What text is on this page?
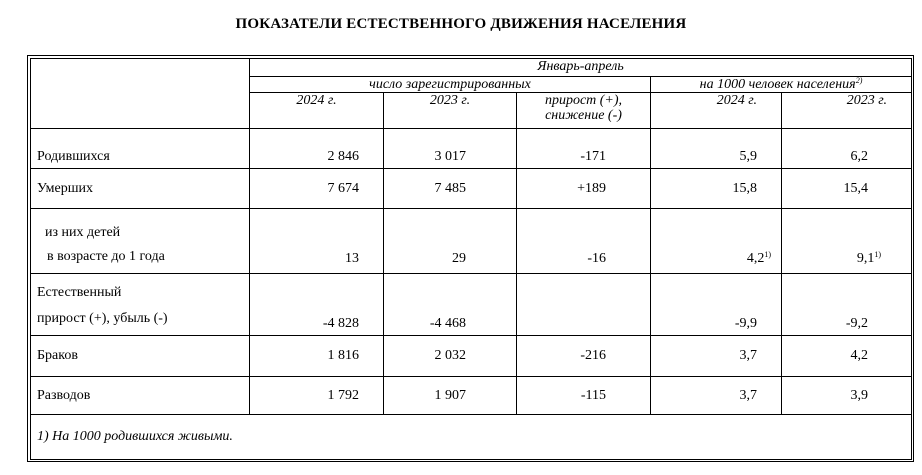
ПОКАЗАТЕЛИ ЕСТЕСТВЕННОГО ДВИЖЕНИЯ НАСЕЛЕНИЯ
	Январь-апрель				
	число зарегистрированных			на 1000 человек населения$^{2)}$
	2024 г.	2023 г.	прирост (+),
снижение (-)	2024 г.	2023 г.
Родившихся	2 846	3 017	-171	5,9	6,2
Умерших	7 674	7 485	+189	15,8	15,4

из них детей
в возрасте до 1 года	13	29	-16	4,2$^{1)}$	9,1$^{1)}$

Естественный
прирост (+), убыль (-)	-4 828	-4 468		-9,9	-9,2
Браков	1 816	2 032	-216	3,7	4,2
Разводов	1 792	1 907	-115	3,7	3,9
1) На 1000 родившихся живыми.					
